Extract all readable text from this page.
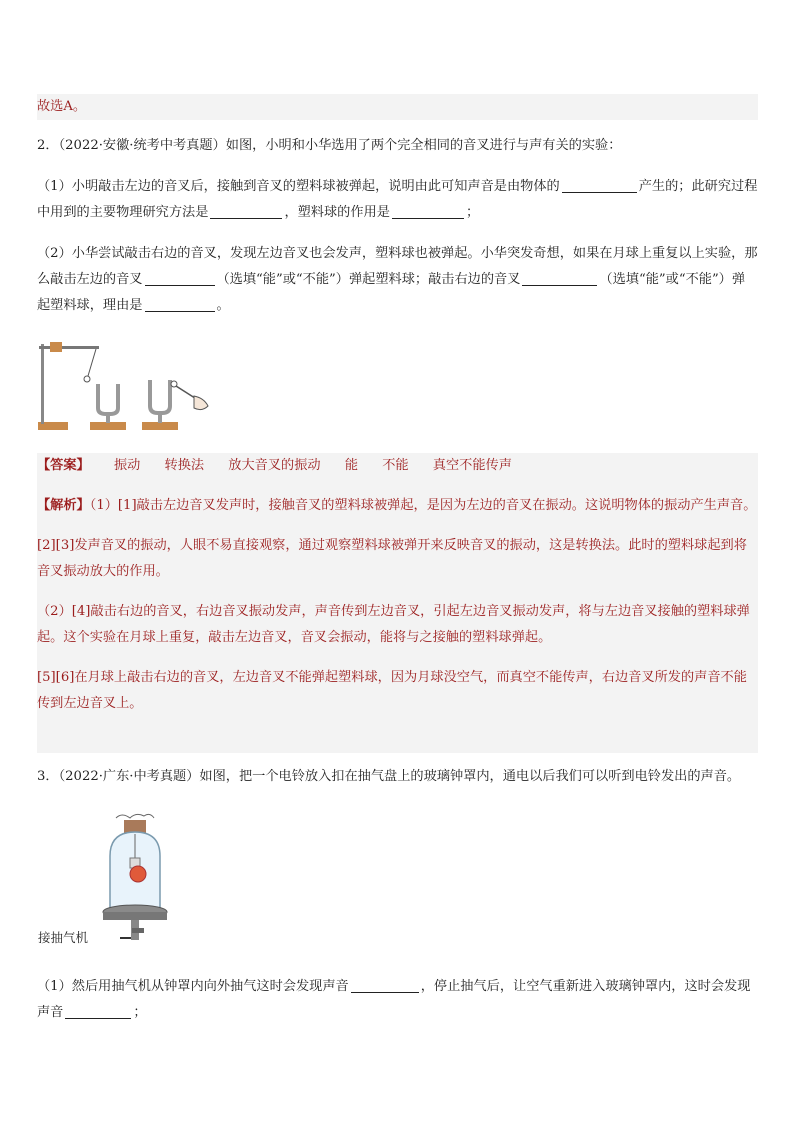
故选A。
2．（2022·安徽·统考中考真题）如图，小明和小华选用了两个完全相同的音叉进行与声有关的实验：
（1）小明敲击左边的音叉后，接触到音叉的塑料球被弹起，说明由此可知声音是由物体的	产生的；此研究过程中用到的主要物理研究方法是	，塑料球的作用是	；
（2）小华尝试敲击右边的音叉，发现左边音叉也会发声，塑料球也被弹起。小华突发奇想，如果在月球上重复以上实验，那么敲击左边的音叉	（选填“能”或“不能”）弹起塑料球；敲击右边的音叉	（选填“能”或“不能”）弹起塑料球，理由是	。
【答案】 振动 转换法 放大音叉的振动 能 不能 真空不能传声
【解析】（1）[1]敲击左边音叉发声时，接触音叉的塑料球被弹起，是因为左边的音叉在振动。这说明物体的振动产生声音。
[2][3]发声音叉的振动，人眼不易直接观察，通过观察塑料球被弹开来反映音叉的振动，这是转换法。此时的塑料球起到将音叉振动放大的作用。
（2）[4]敲击右边的音叉，右边音叉振动发声，声音传到左边音叉，引起左边音叉振动发声，将与左边音叉接触的塑料球弹起。这个实验在月球上重复，敲击左边音叉，音叉会振动，能将与之接触的塑料球弹起。
[5][6]在月球上敲击右边的音叉，左边音叉不能弹起塑料球，因为月球没空气，而真空不能传声，右边音叉所发的声音不能传到左边音叉上。
3．（2022·广东·中考真题）如图，把一个电铃放入扣在抽气盘上的玻璃钟罩内，通电以后我们可以听到电铃发出的声音。
接抽气机
（1）然后用抽气机从钟罩内向外抽气这时会发现声音	，停止抽气后，让空气重新进入玻璃钟罩内，这时会发现声音	；
